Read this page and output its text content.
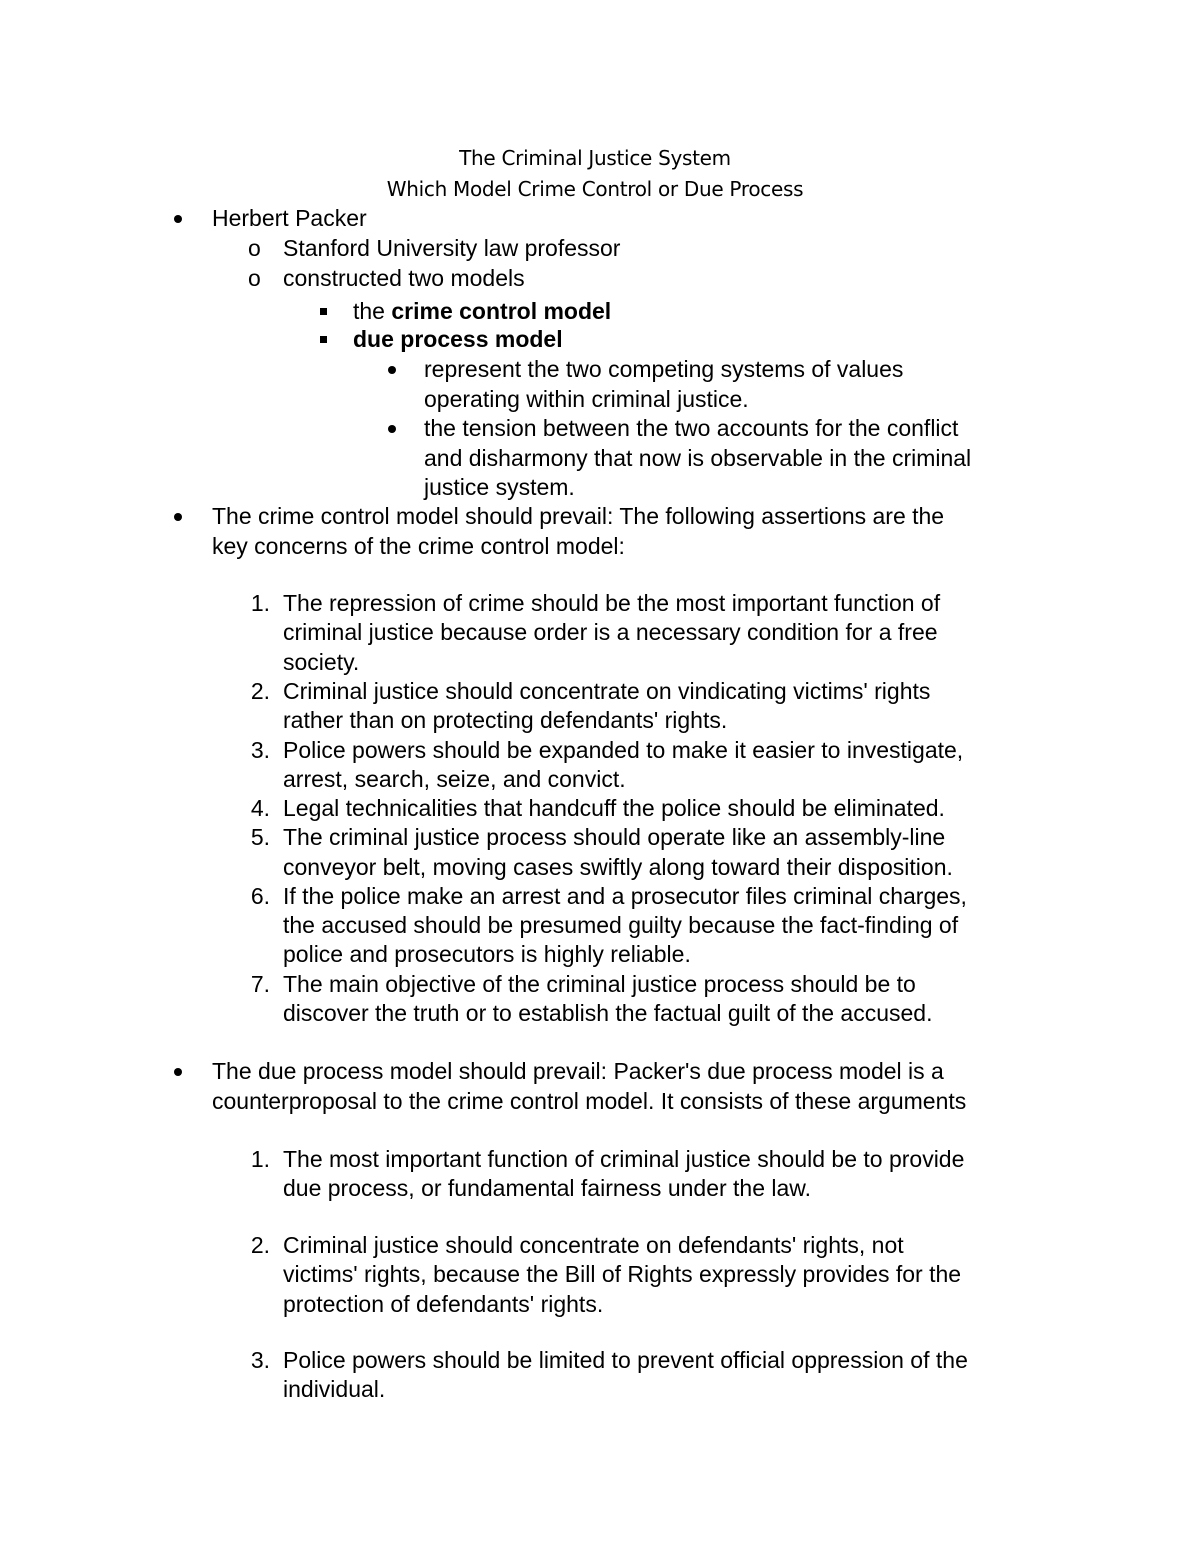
The Criminal Justice System
Which Model Crime Control or Due Process
Herbert Packer
o Stanford University law professor
o constructed two models
the crime control model
due process model
represent the two competing systems of values
operating within criminal justice.
the tension between the two accounts for the conflict
and disharmony that now is observable in the criminal
justice system.
The crime control model should prevail: The following assertions are the
key concerns of the crime control model:
1. The repression of crime should be the most important function of
criminal justice because order is a necessary condition for a free
society.
2. Criminal justice should concentrate on vindicating victims' rights
rather than on protecting defendants' rights.
3. Police powers should be expanded to make it easier to investigate,
arrest, search, seize, and convict.
4. Legal technicalities that handcuff the police should be eliminated.
5. The criminal justice process should operate like an assembly-line
conveyor belt, moving cases swiftly along toward their disposition.
6. If the police make an arrest and a prosecutor files criminal charges,
the accused should be presumed guilty because the fact-finding of
police and prosecutors is highly reliable.
7. The main objective of the criminal justice process should be to
discover the truth or to establish the factual guilt of the accused.
The due process model should prevail: Packer's due process model is a
counterproposal to the crime control model. It consists of these arguments
1. The most important function of criminal justice should be to provide
due process, or fundamental fairness under the law.
2. Criminal justice should concentrate on defendants' rights, not
victims' rights, because the Bill of Rights expressly provides for the
protection of defendants' rights.
3. Police powers should be limited to prevent official oppression of the
individual.
